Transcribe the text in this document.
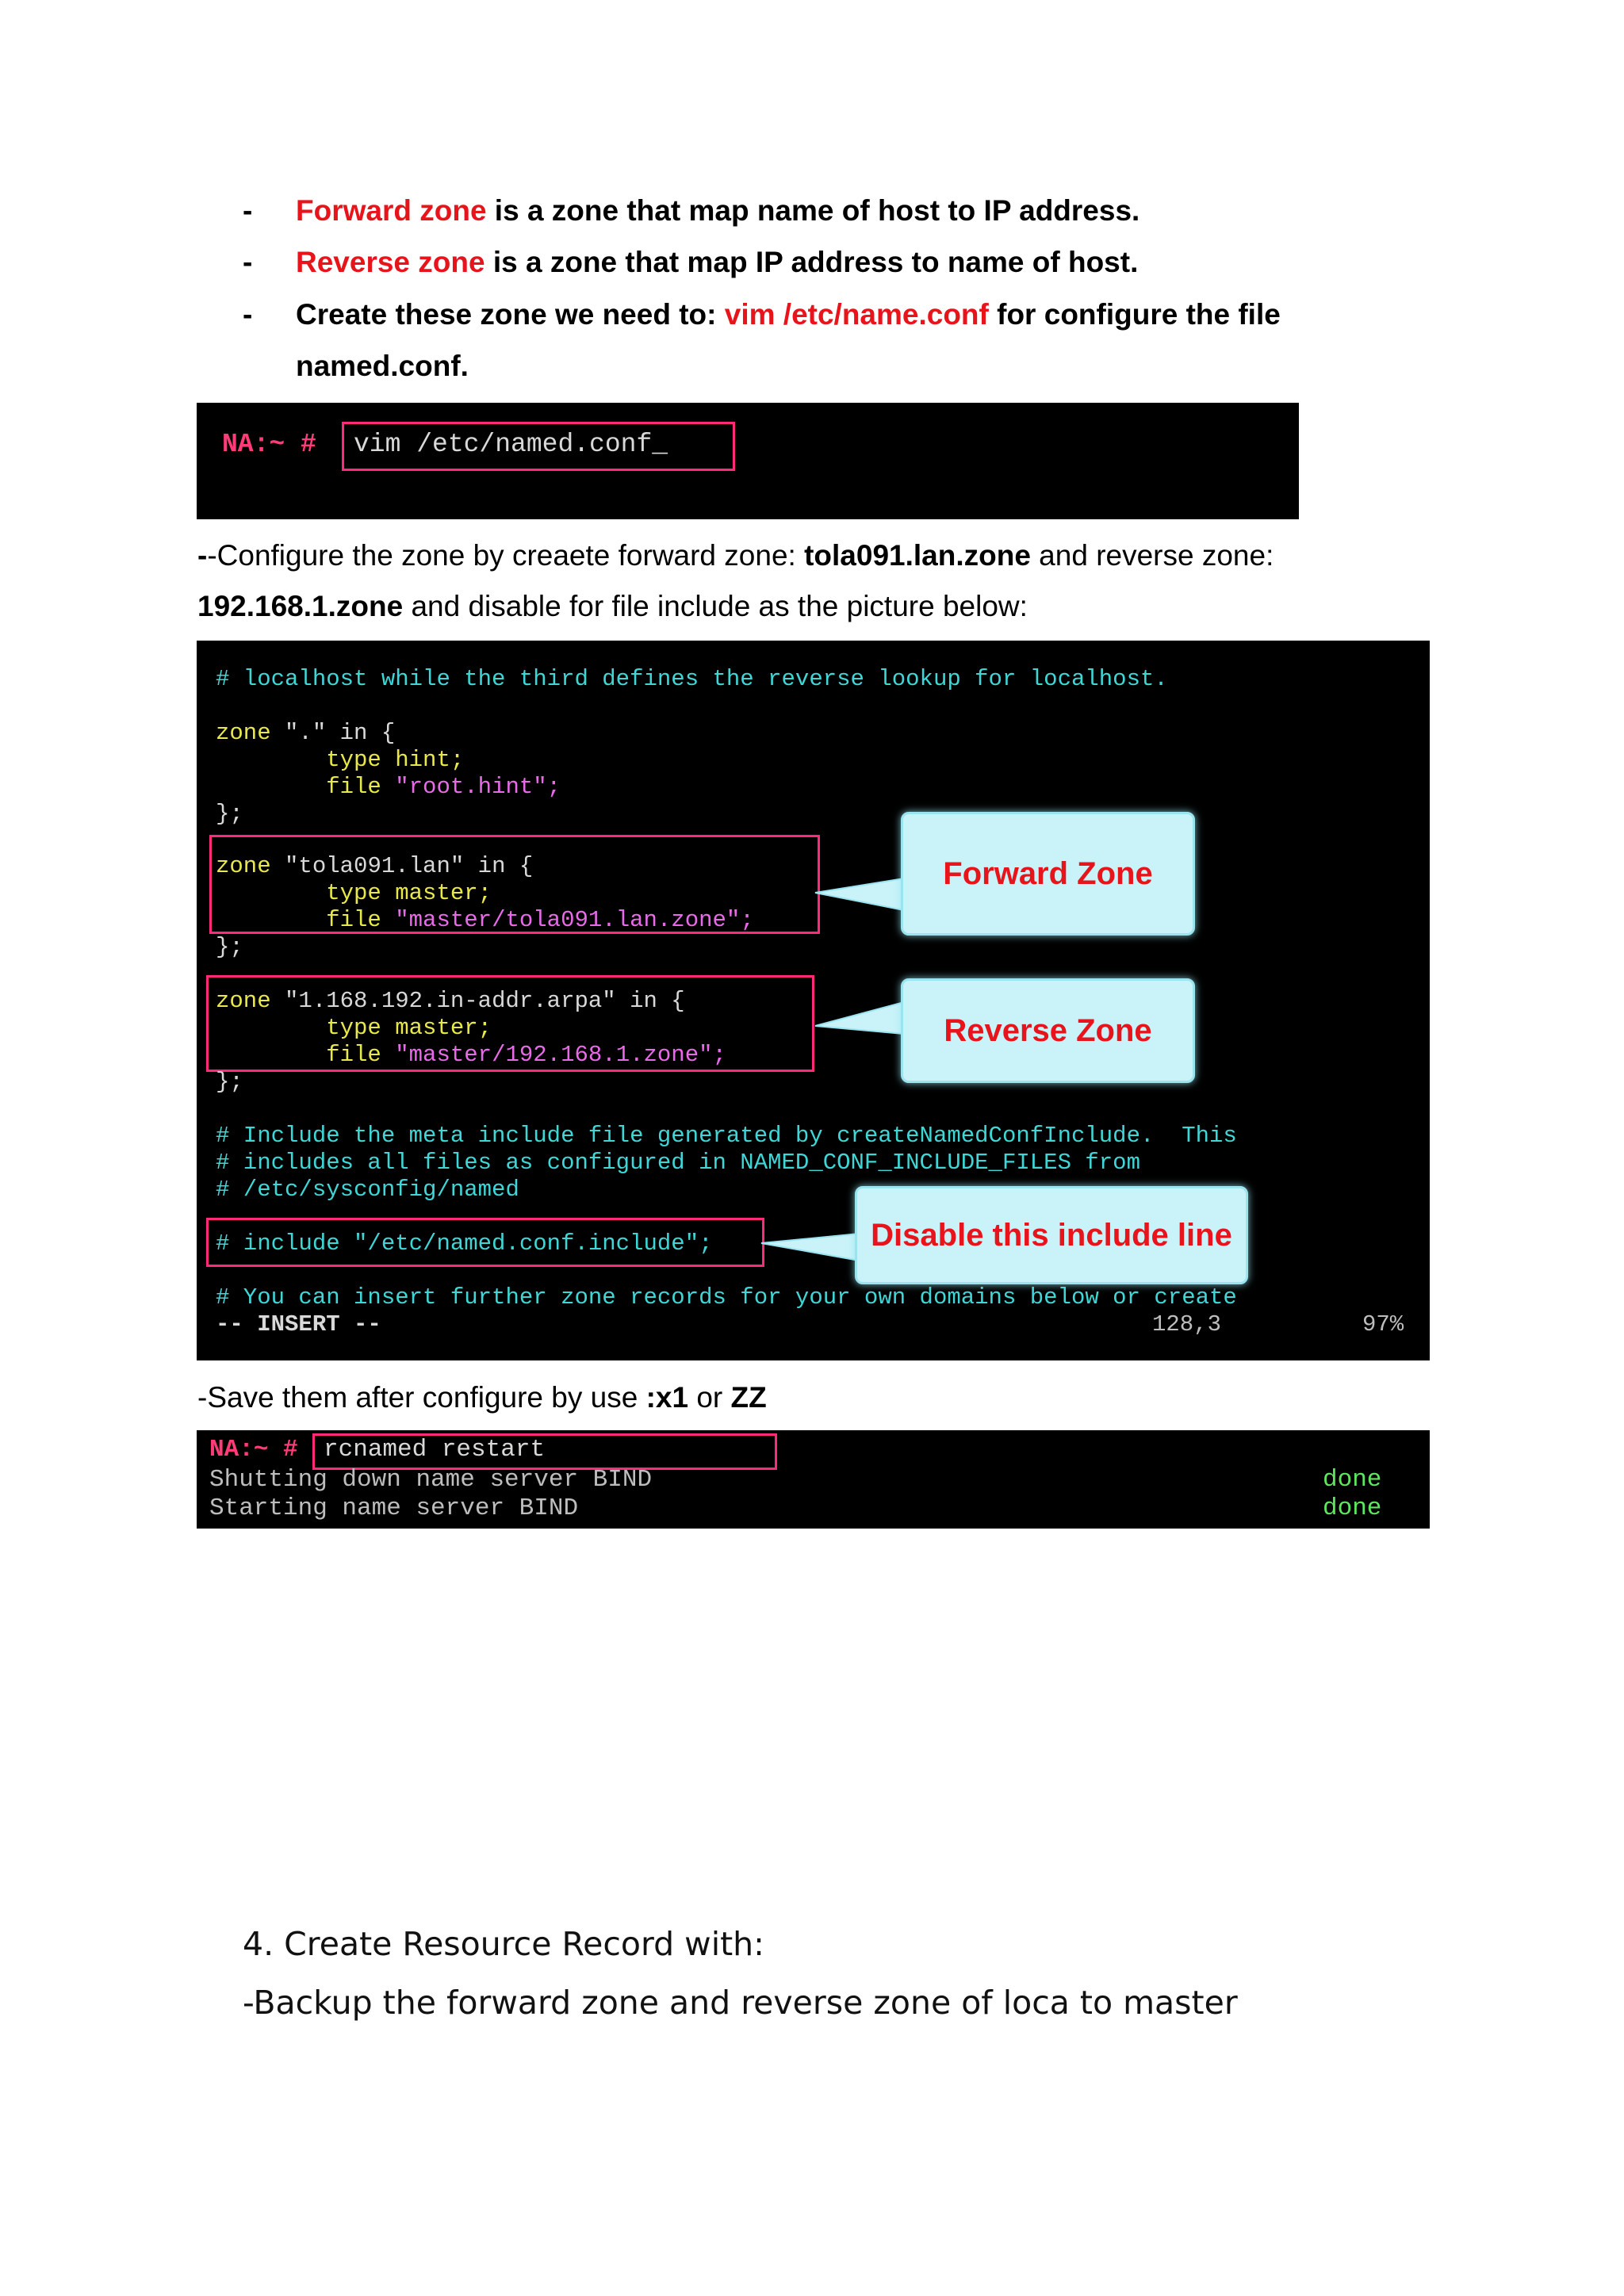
- Forward zone is a zone that map name of host to IP address.
- Reverse zone is a zone that map IP address to name of host.
- Create these zone we need to: vim /etc/name.conf for configure the file
named.conf.
NA:~ # vim /etc/named.conf_
--Configure the zone by creaete forward zone: tola091.lan.zone and reverse zone:
192.168.1.zone and disable for file include as the picture below:
# localhost while the third defines the reverse lookup for localhost.
zone "." in {
type hint;
file "root.hint";
};
zone "tola091.lan" in {
type master;
file "master/tola091.lan.zone";
};
zone "1.168.192.in-addr.arpa" in {
type master;
file "master/192.168.1.zone";
};
# Include the meta include file generated by createNamedConfInclude.  This
# includes all files as configured in NAMED_CONF_INCLUDE_FILES from
# /etc/sysconfig/named
# include "/etc/named.conf.include";
# You can insert further zone records for your own domains below or create
-- INSERT --	128,3	97%
Forward Zone
Reverse Zone
Disable this include line
-Save them after configure by use :x1 or ZZ
NA:~ # rcnamed restart
Shutting down name server BIND	done
Starting name server BIND	done
4. Create Resource Record with:
-Backup the forward zone and reverse zone of loca to master
